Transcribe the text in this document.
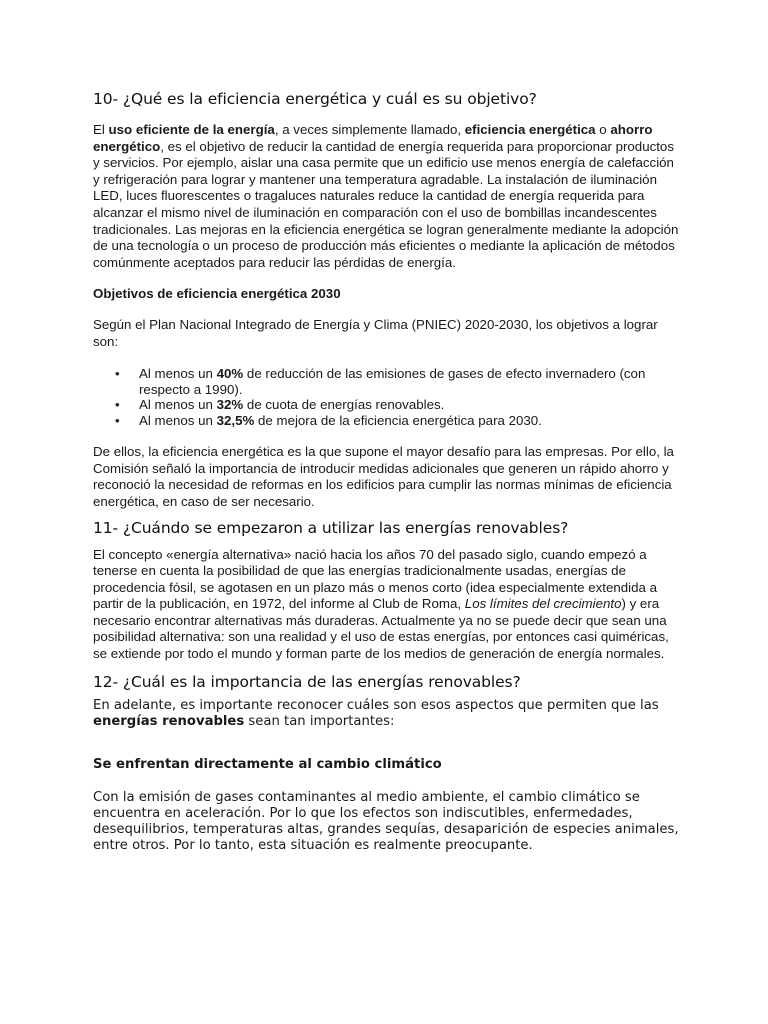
10- ¿Qué es la eficiencia energética y cuál es su objetivo?

El uso eficiente de la energía, a veces simplemente llamado, eficiencia energética o ahorro energético, es el objetivo de reducir la cantidad de energía requerida para proporcionar productos y servicios. Por ejemplo, aislar una casa permite que un edificio use menos energía de calefacción y refrigeración para lograr y mantener una temperatura agradable. La instalación de iluminación LED, luces fluorescentes o tragaluces naturales reduce la cantidad de energía requerida para alcanzar el mismo nivel de iluminación en comparación con el uso de bombillas incandescentes tradicionales. Las mejoras en la eficiencia energética se logran generalmente mediante la adopción de una tecnología o un proceso de producción más eficientes o mediante la aplicación de métodos comúnmente aceptados para reducir las pérdidas de energía.

Objetivos de eficiencia energética 2030

Según el Plan Nacional Integrado de Energía y Clima (PNIEC) 2020-2030, los objetivos a lograr son:

• Al menos un 40% de reducción de las emisiones de gases de efecto invernadero (con respecto a 1990).
• Al menos un 32% de cuota de energías renovables.
• Al menos un 32,5% de mejora de la eficiencia energética para 2030.

De ellos, la eficiencia energética es la que supone el mayor desafío para las empresas. Por ello, la Comisión señaló la importancia de introducir medidas adicionales que generen un rápido ahorro y reconoció la necesidad de reformas en los edificios para cumplir las normas mínimas de eficiencia energética, en caso de ser necesario.

11- ¿Cuándo se empezaron a utilizar las energías renovables?

El concepto «energía alternativa» nació hacia los años 70 del pasado siglo, cuando empezó a tenerse en cuenta la posibilidad de que las energías tradicionalmente usadas, energías de procedencia fósil, se agotasen en un plazo más o menos corto (idea especialmente extendida a partir de la publicación, en 1972, del informe al Club de Roma, Los límites del crecimiento) y era necesario encontrar alternativas más duraderas. Actualmente ya no se puede decir que sean una posibilidad alternativa: son una realidad y el uso de estas energías, por entonces casi quiméricas, se extiende por todo el mundo y forman parte de los medios de generación de energía normales.

12- ¿Cuál es la importancia de las energías renovables?

En adelante, es importante reconocer cuáles son esos aspectos que permiten que las energías renovables sean tan importantes:

Se enfrentan directamente al cambio climático

Con la emisión de gases contaminantes al medio ambiente, el cambio climático se encuentra en aceleración. Por lo que los efectos son indiscutibles, enfermedades, desequilibrios, temperaturas altas, grandes sequías, desaparición de especies animales, entre otros. Por lo tanto, esta situación es realmente preocupante.
